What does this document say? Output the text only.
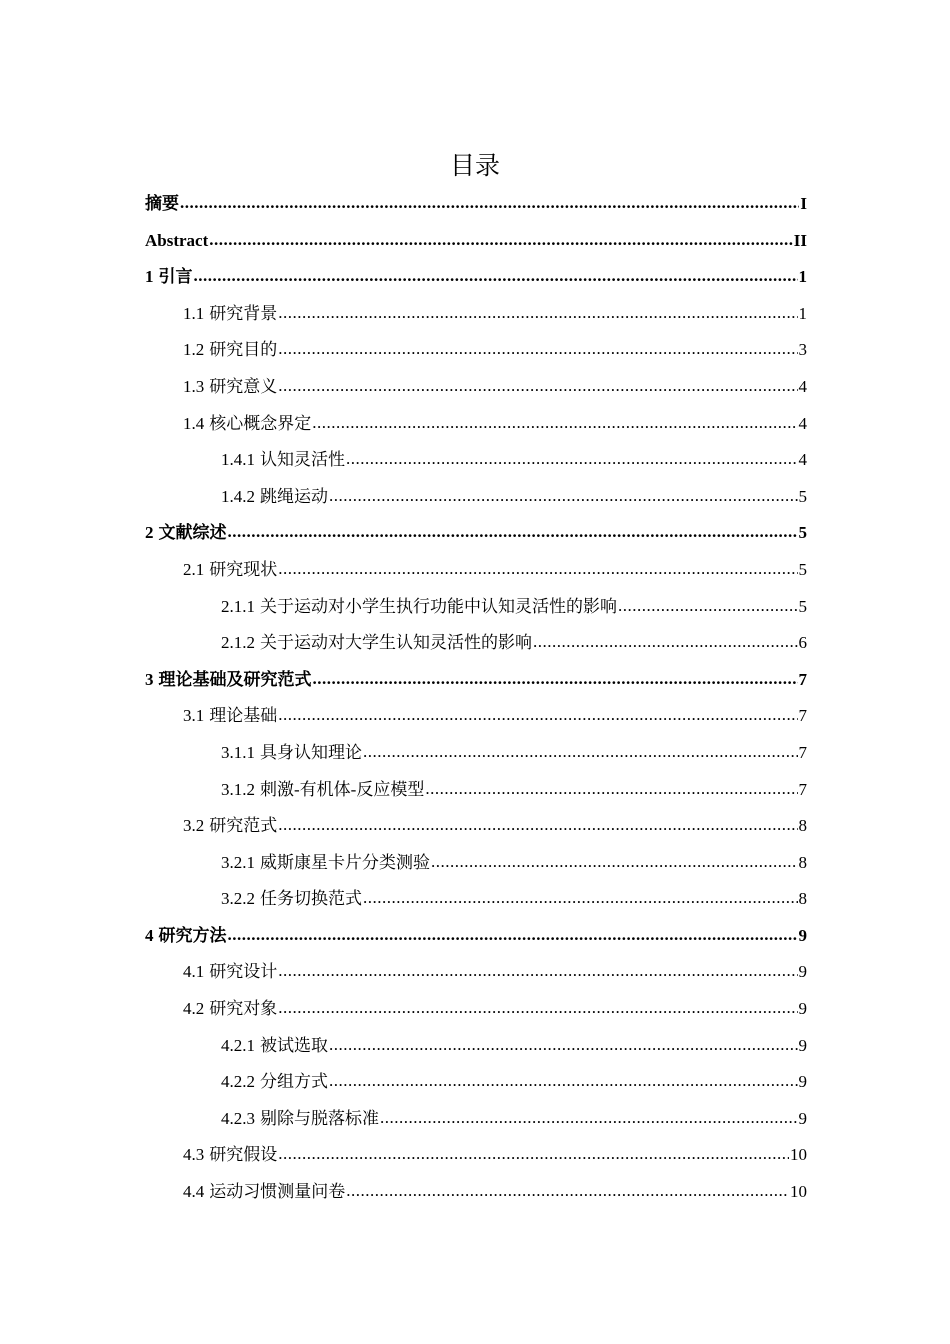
目录
摘要 .....	I
Abstract .....	II
1 引言 .....	1
1.1 研究背景 .....	1
1.2 研究目的 .....	3
1.3 研究意义 .....	4
1.4 核心概念界定 .....	4
1.4.1 认知灵活性 .....	4
1.4.2 跳绳运动 .....	5
2 文献综述 .....	5
2.1 研究现状 .....	5
2.1.1 关于运动对小学生执行功能中认知灵活性的影响 .....	5
2.1.2 关于运动对大学生认知灵活性的影响 .....	6
3 理论基础及研究范式 .....	7
3.1 理论基础 .....	7
3.1.1 具身认知理论 .....	7
3.1.2 刺激-有机体-反应模型 .....	7
3.2 研究范式 .....	8
3.2.1 威斯康星卡片分类测验 .....	8
3.2.2 任务切换范式 .....	8
4 研究方法 .....	9
4.1 研究设计 .....	9
4.2 研究对象 .....	9
4.2.1 被试选取 .....	9
4.2.2 分组方式 .....	9
4.2.3 剔除与脱落标准 .....	9
4.3 研究假设 .....	10
4.4 运动习惯测量问卷 .....	10
